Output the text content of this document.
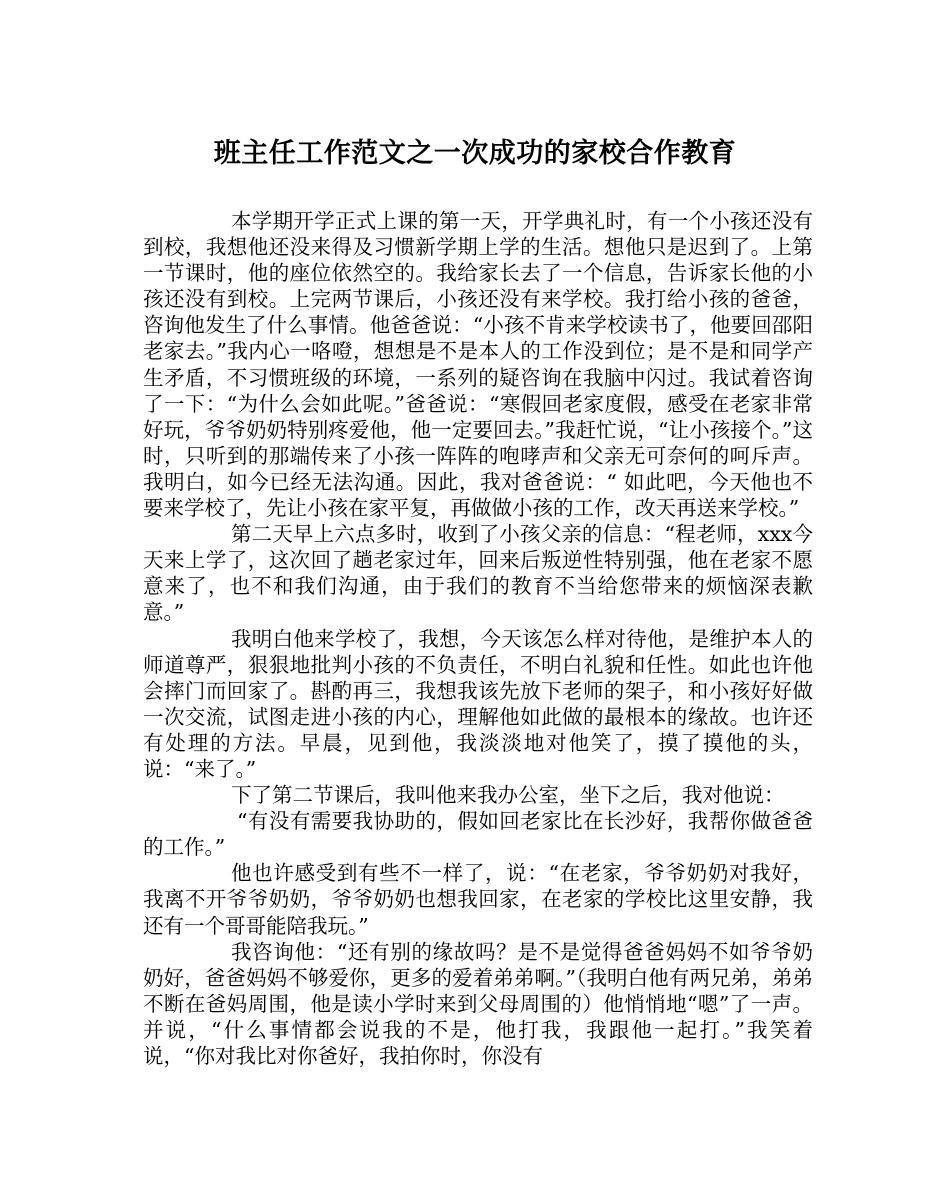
班主任工作范文之一次成功的家校合作教育

本学期开学正式上课的第一天，开学典礼时，有一个小孩还没有到校，我想他还没来得及习惯新学期上学的生活。想他只是迟到了。上第一节课时，他的座位依然空的。我给家长去了一个信息，告诉家长他的小孩还没有到校。上完两节课后，小孩还没有来学校。我打给小孩的爸爸，咨询他发生了什么事情。他爸爸说：“小孩不肯来学校读书了，他要回邵阳老家去。”我内心一咯噔，想想是不是本人的工作没到位；是不是和同学产生矛盾，不习惯班级的环境，一系列的疑咨询在我脑中闪过。我试着咨询了一下：“为什么会如此呢。”爸爸说：“寒假回老家度假，感受在老家非常好玩，爷爷奶奶特别疼爱他，他一定要回去。”我赶忙说，“让小孩接个。”这时，只听到的那端传来了小孩一阵阵的咆哮声和父亲无可奈何的呵斥声。我明白，如今已经无法沟通。因此，我对爸爸说：“ 如此吧，今天他也不要来学校了，先让小孩在家平复，再做做小孩的工作，改天再送来学校。”

第二天早上六点多时，收到了小孩父亲的信息：“程老师，xxx今天来上学了，这次回了趟老家过年，回来后叛逆性特别强，他在老家不愿意来了，也不和我们沟通，由于我们的教育不当给您带来的烦恼深表歉意。”

我明白他来学校了，我想，今天该怎么样对待他，是维护本人的师道尊严，狠狠地批判小孩的不负责任，不明白礼貌和任性。如此也许他会摔门而回家了。斟酌再三，我想我该先放下老师的架子，和小孩好好做一次交流，试图走进小孩的内心，理解他如此做的最根本的缘故。也许还有处理的方法。早晨，见到他，我淡淡地对他笑了，摸了摸他的头，说：“来了。”

下了第二节课后，我叫他来我办公室，坐下之后，我对他说：

“有没有需要我协助的，假如回老家比在长沙好，我帮你做爸爸的工作。”

他也许感受到有些不一样了，说：“在老家，爷爷奶奶对我好，我离不开爷爷奶奶，爷爷奶奶也想我回家，在老家的学校比这里安静，我还有一个哥哥能陪我玩。”

我咨询他：“还有别的缘故吗？是不是觉得爸爸妈妈不如爷爷奶奶好，爸爸妈妈不够爱你，更多的爱着弟弟啊。”（我明白他有两兄弟，弟弟不断在爸妈周围，他是读小学时来到父母周围的）他悄悄地“嗯”了一声。并说，“什么事情都会说我的不是，他打我，我跟他一起打。”我笑着说，“你对我比对你爸好，我拍你时，你没有
